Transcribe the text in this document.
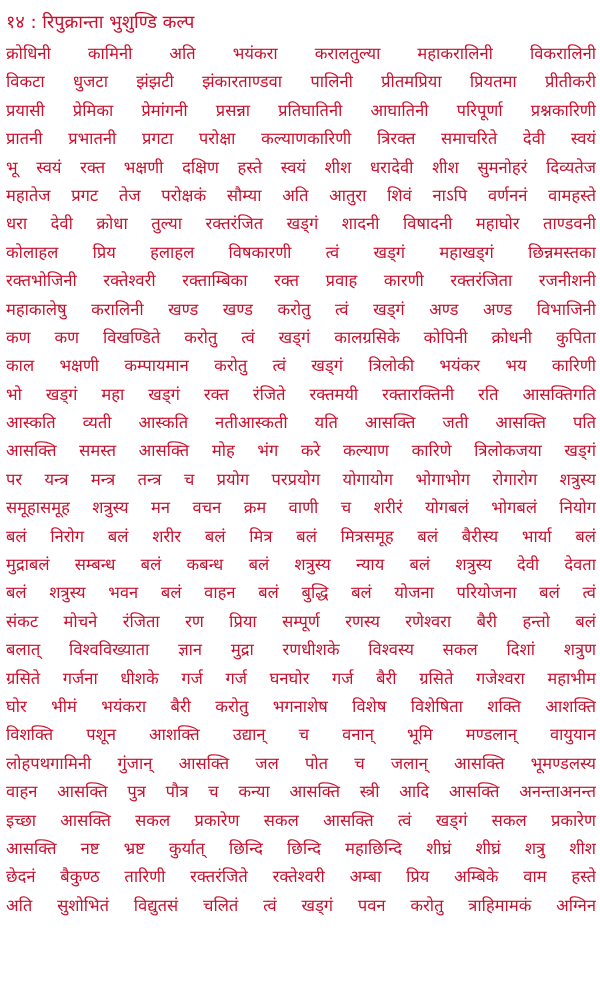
१४ : रिपुक्रान्ता भुशुण्डि कल्प
क्रोधिनी कामिनी अति भयंकरा करालतुल्या महाकरालिनी विकरालिनी
विकटा धुजटा झंझटी झंकारताण्डवा पालिनी प्रीतमप्रिया प्रियतमा प्रीतीकरी
प्रयासी प्रेमिका प्रेमांगनी प्रसन्ना प्रतिघातिनी आघातिनी परिपूर्णा प्रश्नकारिणी
प्रातनी प्रभातनी प्रगटा परोक्षा कल्याणकारिणी त्रिरक्त समाचरिते देवी स्वयं
भू स्वयं रक्त भक्षणी दक्षिण हस्ते स्वयं शीश धरादेवी शीश सुमनोहरं दिव्यतेज
महातेज प्रगट तेज परोक्षकं सौम्या अति आतुरा शिवं नाऽपि वर्णननं वामहस्ते
धरा देवी क्रोधा तुल्या रक्तरंजित खड्गं शादनी विषादनी महाघोर ताण्डवनी
कोलाहल प्रिय हलाहल विषकारणी त्वं खड्गं महाखड्गं छिन्नमस्तका
रक्तभोजिनी रक्तेश्वरी रक्ताम्बिका रक्त प्रवाह कारणी रक्तरंजिता रजनीशनी
महाकालेषु करालिनी खण्ड खण्ड करोतु त्वं खड्गं अण्ड अण्ड विभाजिनी
कण कण विखण्डिते करोतु त्वं खड्गं कालग्रसिके कोपिनी क्रोधनी कुपिता
काल भक्षणी कम्पायमान करोतु त्वं खड्गं त्रिलोकी भयंकर भय कारिणी
भो खड्गं महा खड्गं रक्त रंजिते रक्तमयी रक्तारक्तिनी रति आसक्तिगति
आस्कति व्यती आस्कति नतीआस्कती यति आसक्ति जती आसक्ति पति
आसक्ति समस्त आसक्ति मोह भंग करे कल्याण कारिणे त्रिलोकजया खड्गं
पर यन्त्र मन्त्र तन्त्र च प्रयोग परप्रयोग योगायोग भोगाभोग रोगारोग शत्रुस्य
समूहासमूह शत्रुस्य मन वचन क्रम वाणी च शरीरं योगबलं भोगबलं नियोग
बलं निरोग बलं शरीर बलं मित्र बलं मित्रसमूह बलं बैरीस्य भार्या बलं
मुद्राबलं सम्बन्ध बलं कबन्ध बलं शत्रुस्य न्याय बलं शत्रुस्य देवी देवता
बलं शत्रुस्य भवन बलं वाहन बलं बुद्धि बलं योजना परियोजना बलं त्वं
संकट मोचने रंजिता रण प्रिया सम्पूर्ण रणस्य रणेश्वरा बैरी हन्तो बलं
बलात् विश्वविख्याता ज्ञान मुद्रा रणधीशके विश्वस्य सकल दिशां शत्रुण
ग्रसिते गर्जना धीशके गर्ज गर्ज घनघोर गर्ज बैरी ग्रसिते गजेश्वरा महाभीम
घोर भीमं भयंकरा बैरी करोतु भगनाशेष विशेष विशेषिता शक्ति आशक्ति
विशक्ति पशून आशक्ति उद्यान् च वनान् भूमि मण्डलान् वायुयान
लोहपथगामिनी गुंजान् आसक्ति जल पोत च जलान् आसक्ति भूमण्डलस्य
वाहन आसक्ति पुत्र पौत्र च कन्या आसक्ति स्त्री आदि आसक्ति अनन्ताअनन्त
इच्छा आसक्ति सकल प्रकारेण सकल आसक्ति त्वं खड्गं सकल प्रकारेण
आसक्ति नष्ट भ्रष्ट कुर्यात् छिन्दि छिन्दि महाछिन्दि शीघ्रं शीघ्रं शत्रु शीश
छेदनं बैकुण्ठ तारिणी रक्तरंजिते रक्तेश्वरी अम्बा प्रिय अम्बिके वाम हस्ते
अति सुशोभितं विद्युतसं चलितं त्वं खड्गं पवन करोतु त्राहिमामकं अग्निन
